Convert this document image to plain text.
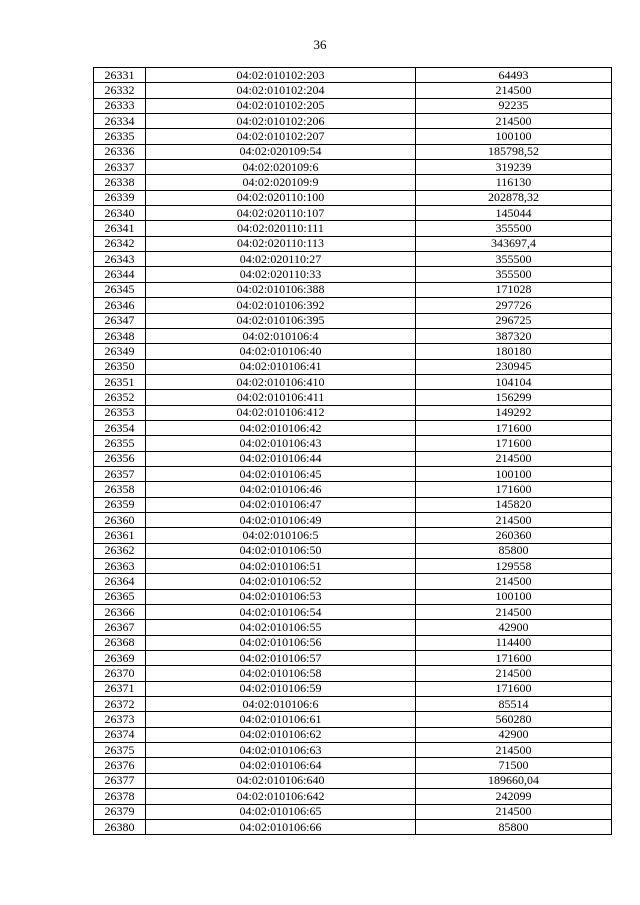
36
26331	04:02:010102:203	64493
26332	04:02:010102:204	214500
26333	04:02:010102:205	92235
26334	04:02:010102:206	214500
26335	04:02:010102:207	100100
26336	04:02:020109:54	185798,52
26337	04:02:020109:6	319239
26338	04:02:020109:9	116130
26339	04:02:020110:100	202878,32
26340	04:02:020110:107	145044
26341	04:02:020110:111	355500
26342	04:02:020110:113	343697,4
26343	04:02:020110:27	355500
26344	04:02:020110:33	355500
26345	04:02:010106:388	171028
26346	04:02:010106:392	297726
26347	04:02:010106:395	296725
26348	04:02:010106:4	387320
26349	04:02:010106:40	180180
26350	04:02:010106:41	230945
26351	04:02:010106:410	104104
26352	04:02:010106:411	156299
26353	04:02:010106:412	149292
26354	04:02:010106:42	171600
26355	04:02:010106:43	171600
26356	04:02:010106:44	214500
26357	04:02:010106:45	100100
26358	04:02:010106:46	171600
26359	04:02:010106:47	145820
26360	04:02:010106:49	214500
26361	04:02:010106:5	260360
26362	04:02:010106:50	85800
26363	04:02:010106:51	129558
26364	04:02:010106:52	214500
26365	04:02:010106:53	100100
26366	04:02:010106:54	214500
26367	04:02:010106:55	42900
26368	04:02:010106:56	114400
26369	04:02:010106:57	171600
26370	04:02:010106:58	214500
26371	04:02:010106:59	171600
26372	04:02:010106:6	85514
26373	04:02:010106:61	560280
26374	04:02:010106:62	42900
26375	04:02:010106:63	214500
26376	04:02:010106:64	71500
26377	04:02:010106:640	189660,04
26378	04:02:010106:642	242099
26379	04:02:010106:65	214500
26380	04:02:010106:66	85800
